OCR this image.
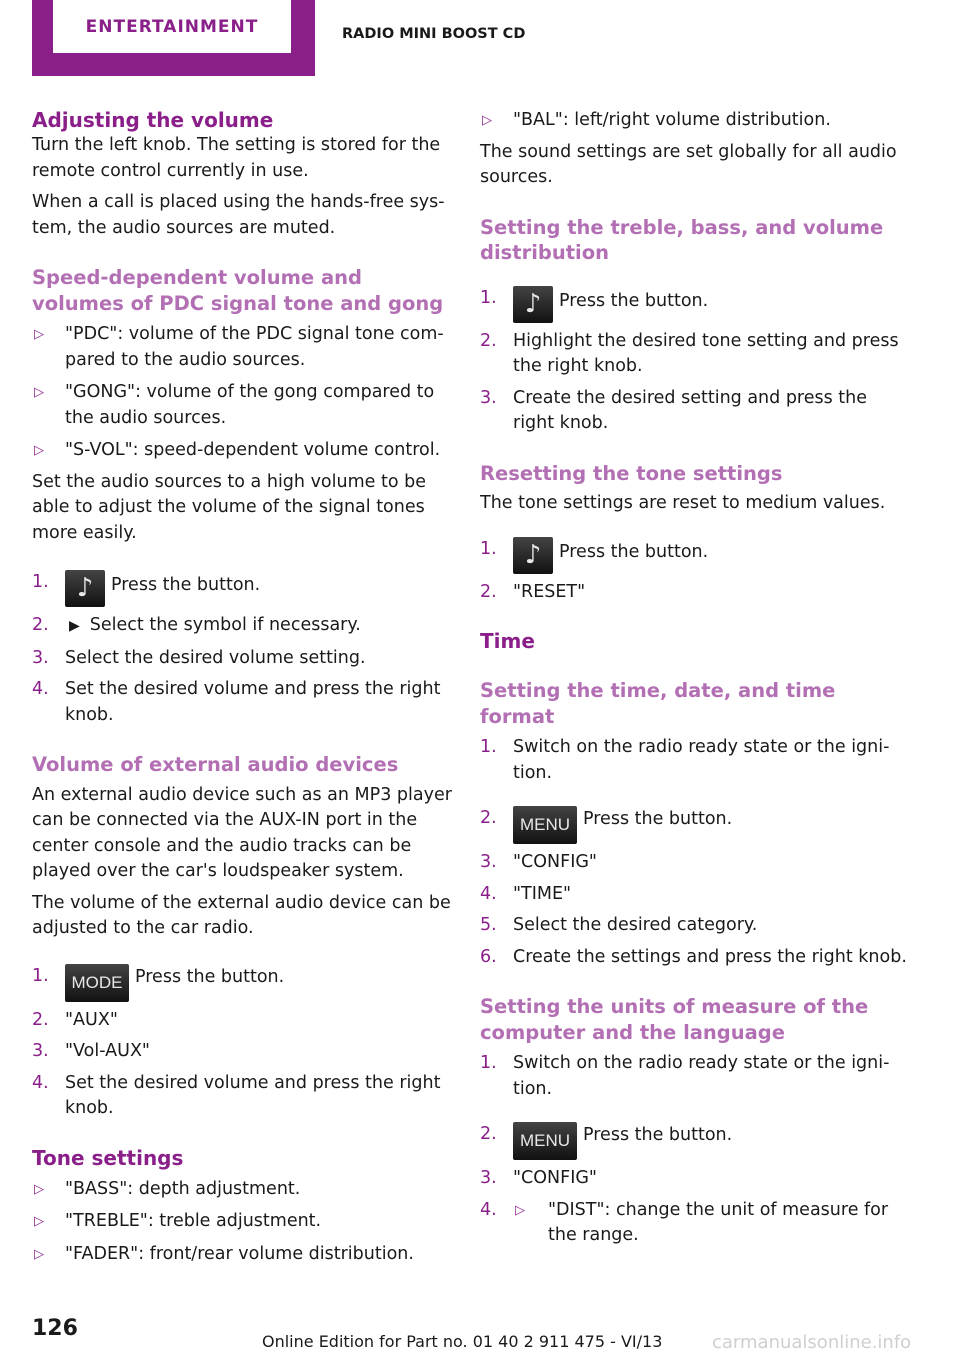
ENTERTAINMENT	RADIO MINI BOOST CD
Adjusting the volume

Turn the left knob. The setting is stored for the remote control currently in use.

When a call is placed using the hands-free system, the audio sources are muted.

Speed-dependent volume and volumes of PDC signal tone and gong
▷ "PDC": volume of the PDC signal tone compared to the audio sources.
▷ "GONG": volume of the gong compared to the audio sources.
▷ "S-VOL": speed-dependent volume control.

Set the audio sources to a high volume to be able to adjust the volume of the signal tones more easily.

1. ♪ Press the button.
2. ▶ Select the symbol if necessary.
3. Select the desired volume setting.
4. Set the desired volume and press the right knob.
Volume of external audio devices

An external audio device such as an MP3 player can be connected via the AUX-IN port in the center console and the audio tracks can be played over the car's loudspeaker system.

The volume of the external audio device can be adjusted to the car radio.

1. MODE Press the button.
2. "AUX"
3. "Vol-AUX"
4. Set the desired volume and press the right knob.
Tone settings
▷ "BASS": depth adjustment.
▷ "TREBLE": treble adjustment.
▷ "FADER": front/rear volume distribution.
▷ "BAL": left/right volume distribution.

The sound settings are set globally for all audio sources.

Setting the treble, bass, and volume distribution
1. ♪ Press the button.
2. Highlight the desired tone setting and press the right knob.
3. Create the desired setting and press the right knob.
Resetting the tone settings

The tone settings are reset to medium values.

1. ♪ Press the button.
2. "RESET"
Time
Setting the time, date, and time format
1. Switch on the radio ready state or the ignition.
2. MENU Press the button.
3. "CONFIG"
4. "TIME"
5. Select the desired category.
6. Create the settings and press the right knob.
Setting the units of measure of the computer and the language
1. Switch on the radio ready state or the ignition.
2. MENU Press the button.
3. "CONFIG"
4. ▷ "DIST": change the unit of measure for the range.
126
Online Edition for Part no. 01 40 2 911 475 - VI/13	carmanualsonline.info
